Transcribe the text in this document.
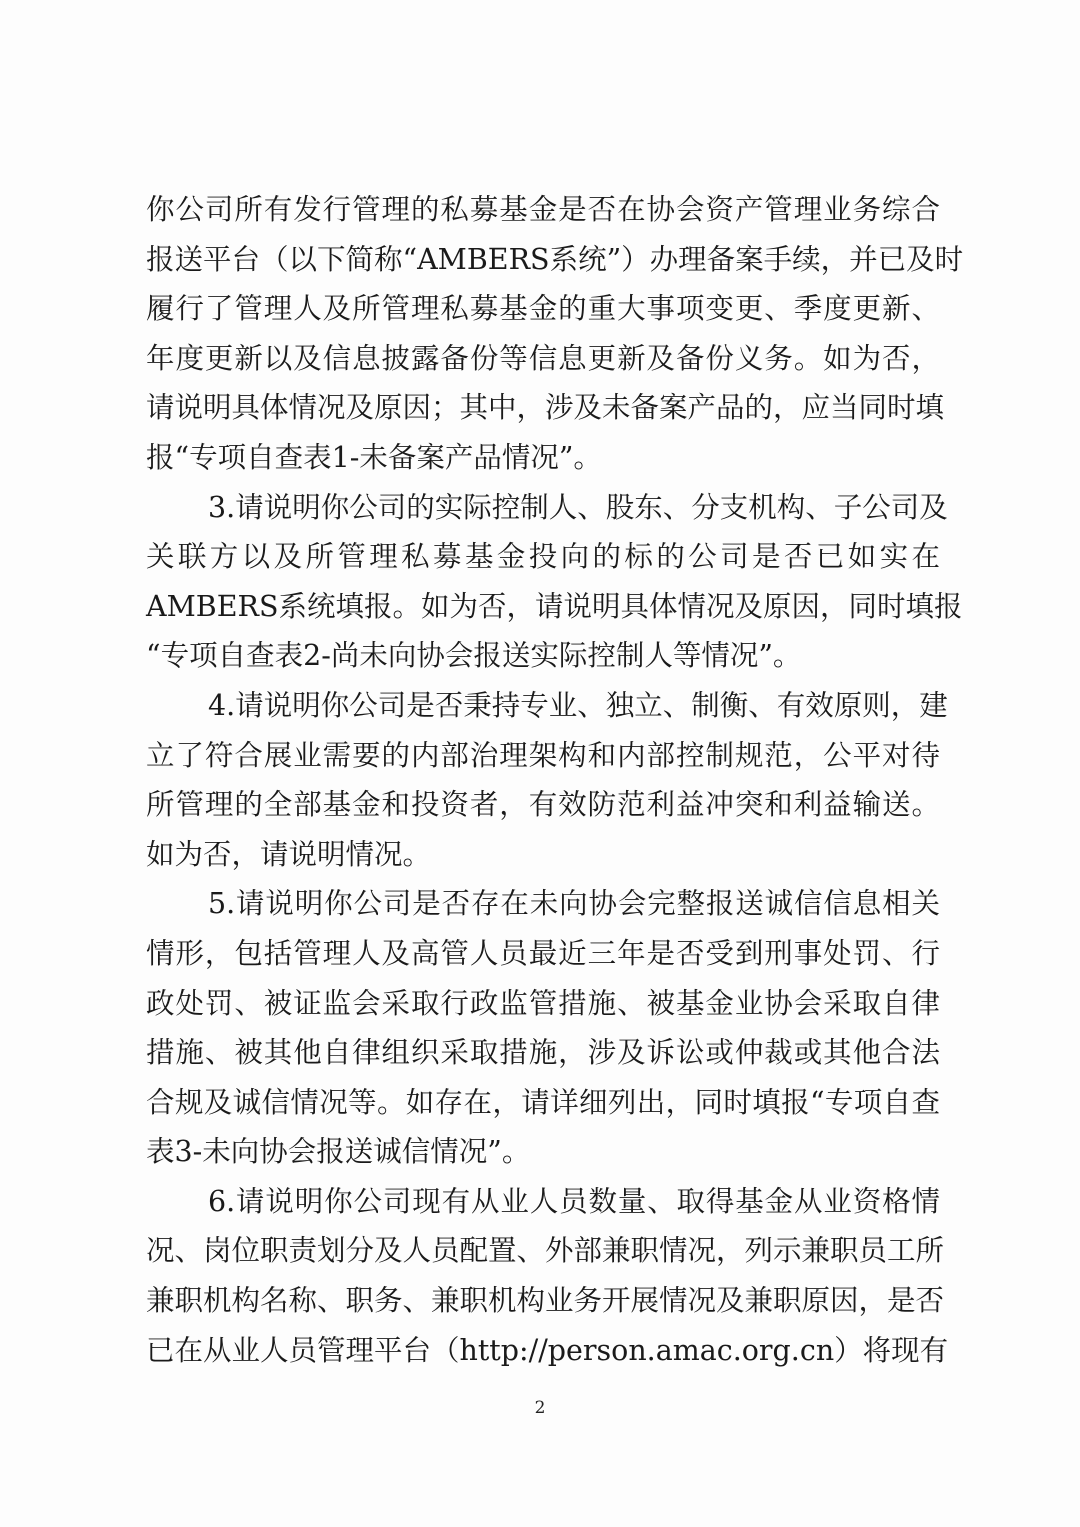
你公司所有发行管理的私募基金是否在协会资产管理业务综合
报送平台（以下简称“AMBERS系统”）办理备案手续，并已及时
履行了管理人及所管理私募基金的重大事项变更、季度更新、
年度更新以及信息披露备份等信息更新及备份义务。如为否，
请说明具体情况及原因；其中，涉及未备案产品的，应当同时填
报“专项自查表1-未备案产品情况”。
3.请说明你公司的实际控制人、股东、分支机构、子公司及
关联方以及所管理私募基金投向的标的公司是否已如实在
AMBERS系统填报。如为否，请说明具体情况及原因，同时填报
“专项自查表2-尚未向协会报送实际控制人等情况”。
4.请说明你公司是否秉持专业、独立、制衡、有效原则，建
立了符合展业需要的内部治理架构和内部控制规范，公平对待
所管理的全部基金和投资者，有效防范利益冲突和利益输送。
如为否，请说明情况。
5.请说明你公司是否存在未向协会完整报送诚信信息相关
情形，包括管理人及高管人员最近三年是否受到刑事处罚、行
政处罚、被证监会采取行政监管措施、被基金业协会采取自律
措施、被其他自律组织采取措施，涉及诉讼或仲裁或其他合法
合规及诚信情况等。如存在，请详细列出，同时填报“专项自查
表3-未向协会报送诚信情况”。
6.请说明你公司现有从业人员数量、取得基金从业资格情
况、岗位职责划分及人员配置、外部兼职情况，列示兼职员工所
兼职机构名称、职务、兼职机构业务开展情况及兼职原因，是否
已在从业人员管理平台（http://person.amac.org.cn）将现有
2
